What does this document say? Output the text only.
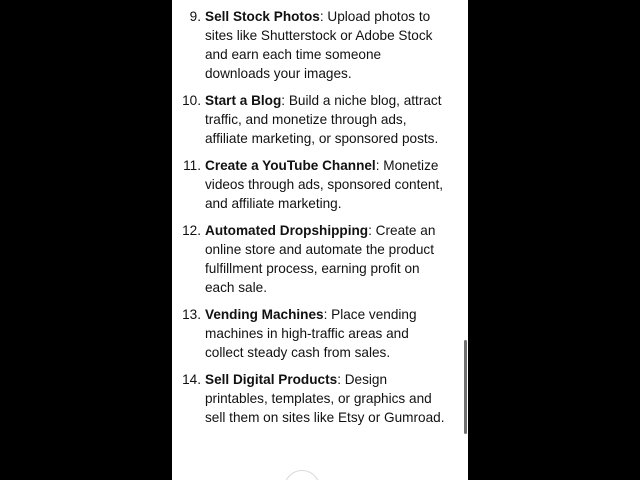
9. Sell Stock Photos: Upload photos to sites like Shutterstock or Adobe Stock and earn each time someone downloads your images.
10. Start a Blog: Build a niche blog, attract traffic, and monetize through ads, affiliate marketing, or sponsored posts.
11. Create a YouTube Channel: Monetize videos through ads, sponsored content, and affiliate marketing.
12. Automated Dropshipping: Create an online store and automate the product fulfillment process, earning profit on each sale.
13. Vending Machines: Place vending machines in high-traffic areas and collect steady cash from sales.
14. Sell Digital Products: Design printables, templates, or graphics and sell them on sites like Etsy or Gumroad.
